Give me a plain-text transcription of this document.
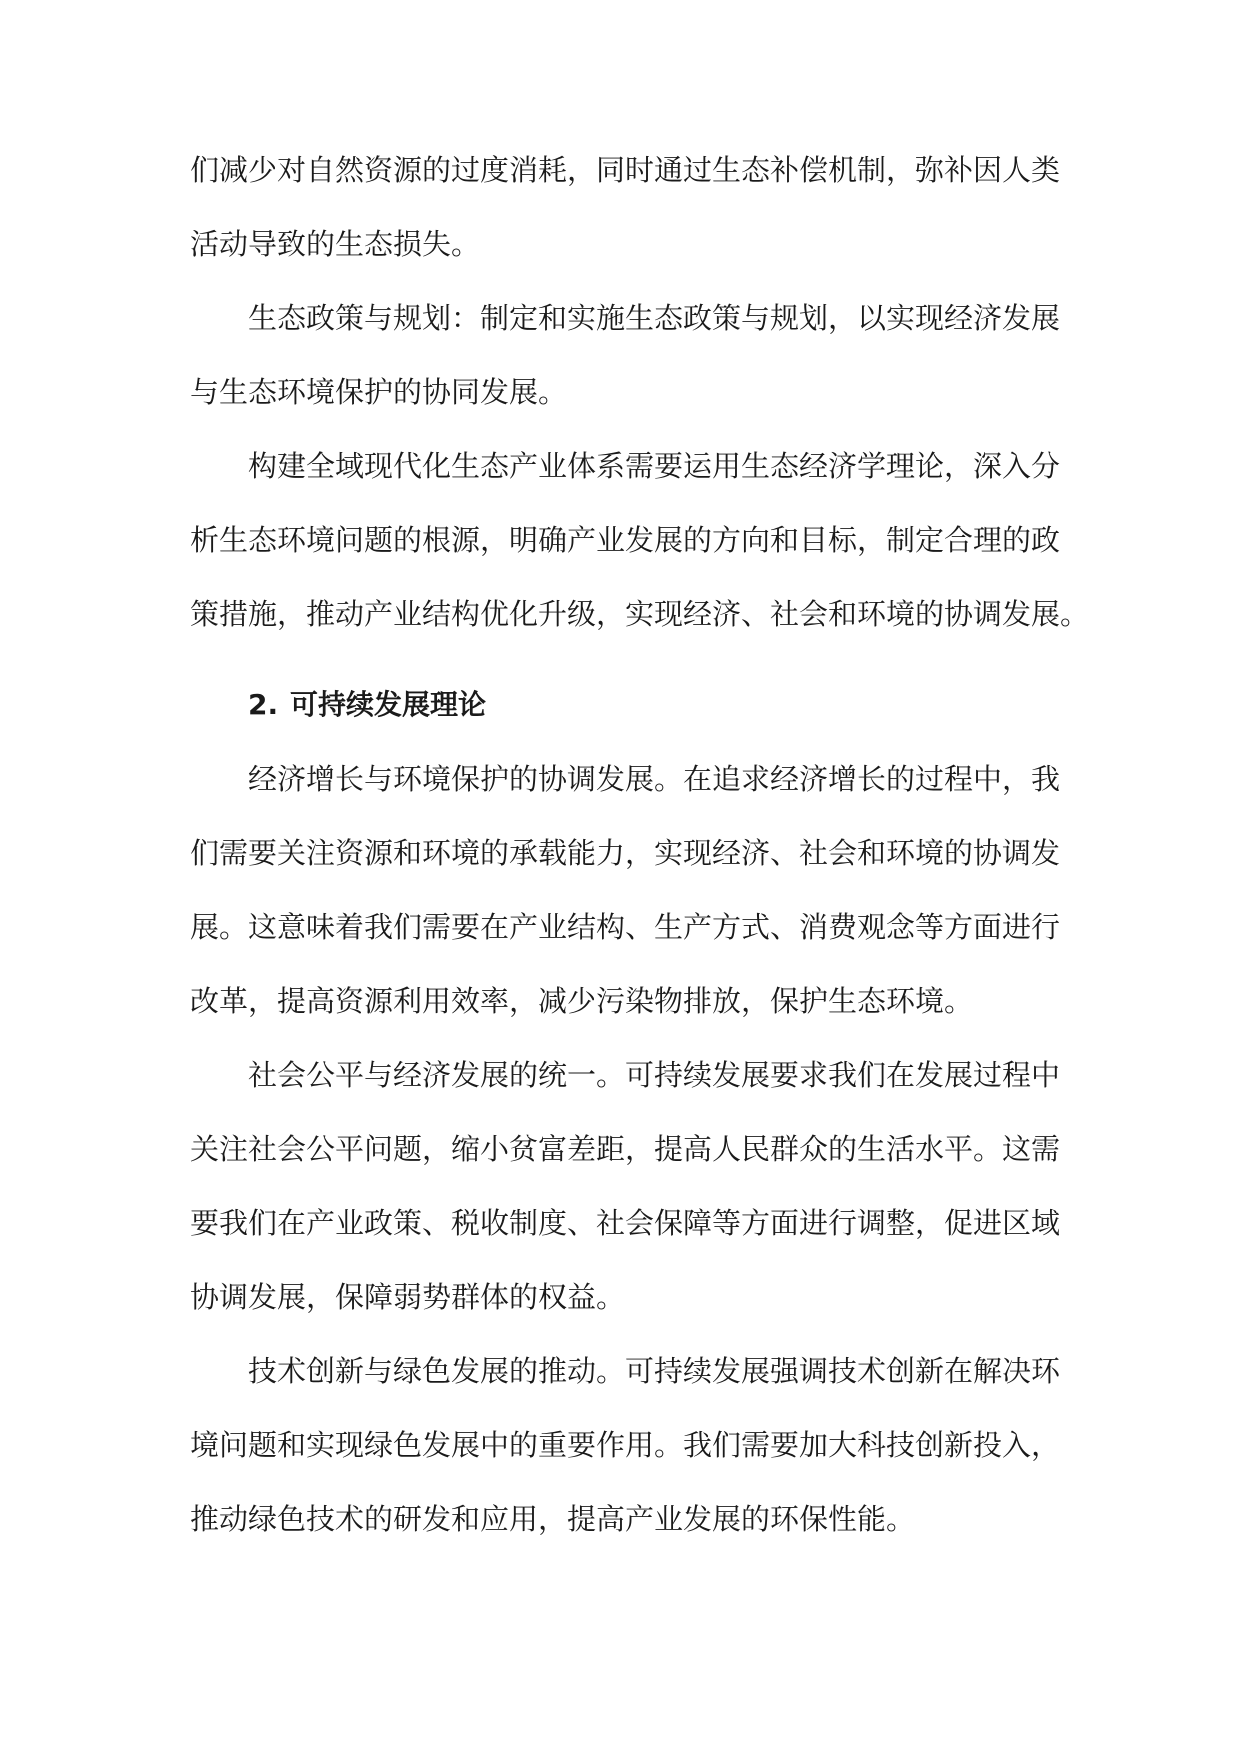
们减少对自然资源的过度消耗，同时通过生态补偿机制，弥补因人类
活动导致的生态损失。
生态政策与规划：制定和实施生态政策与规划，以实现经济发展
与生态环境保护的协同发展。
构建全域现代化生态产业体系需要运用生态经济学理论，深入分
析生态环境问题的根源，明确产业发展的方向和目标，制定合理的政
策措施，推动产业结构优化升级，实现经济、社会和环境的协调发展。
2. 可持续发展理论
经济增长与环境保护的协调发展。在追求经济增长的过程中，我
们需要关注资源和环境的承载能力，实现经济、社会和环境的协调发
展。这意味着我们需要在产业结构、生产方式、消费观念等方面进行
改革，提高资源利用效率，减少污染物排放，保护生态环境。
社会公平与经济发展的统一。可持续发展要求我们在发展过程中
关注社会公平问题，缩小贫富差距，提高人民群众的生活水平。这需
要我们在产业政策、税收制度、社会保障等方面进行调整，促进区域
协调发展，保障弱势群体的权益。
技术创新与绿色发展的推动。可持续发展强调技术创新在解决环
境问题和实现绿色发展中的重要作用。我们需要加大科技创新投入，
推动绿色技术的研发和应用，提高产业发展的环保性能。
